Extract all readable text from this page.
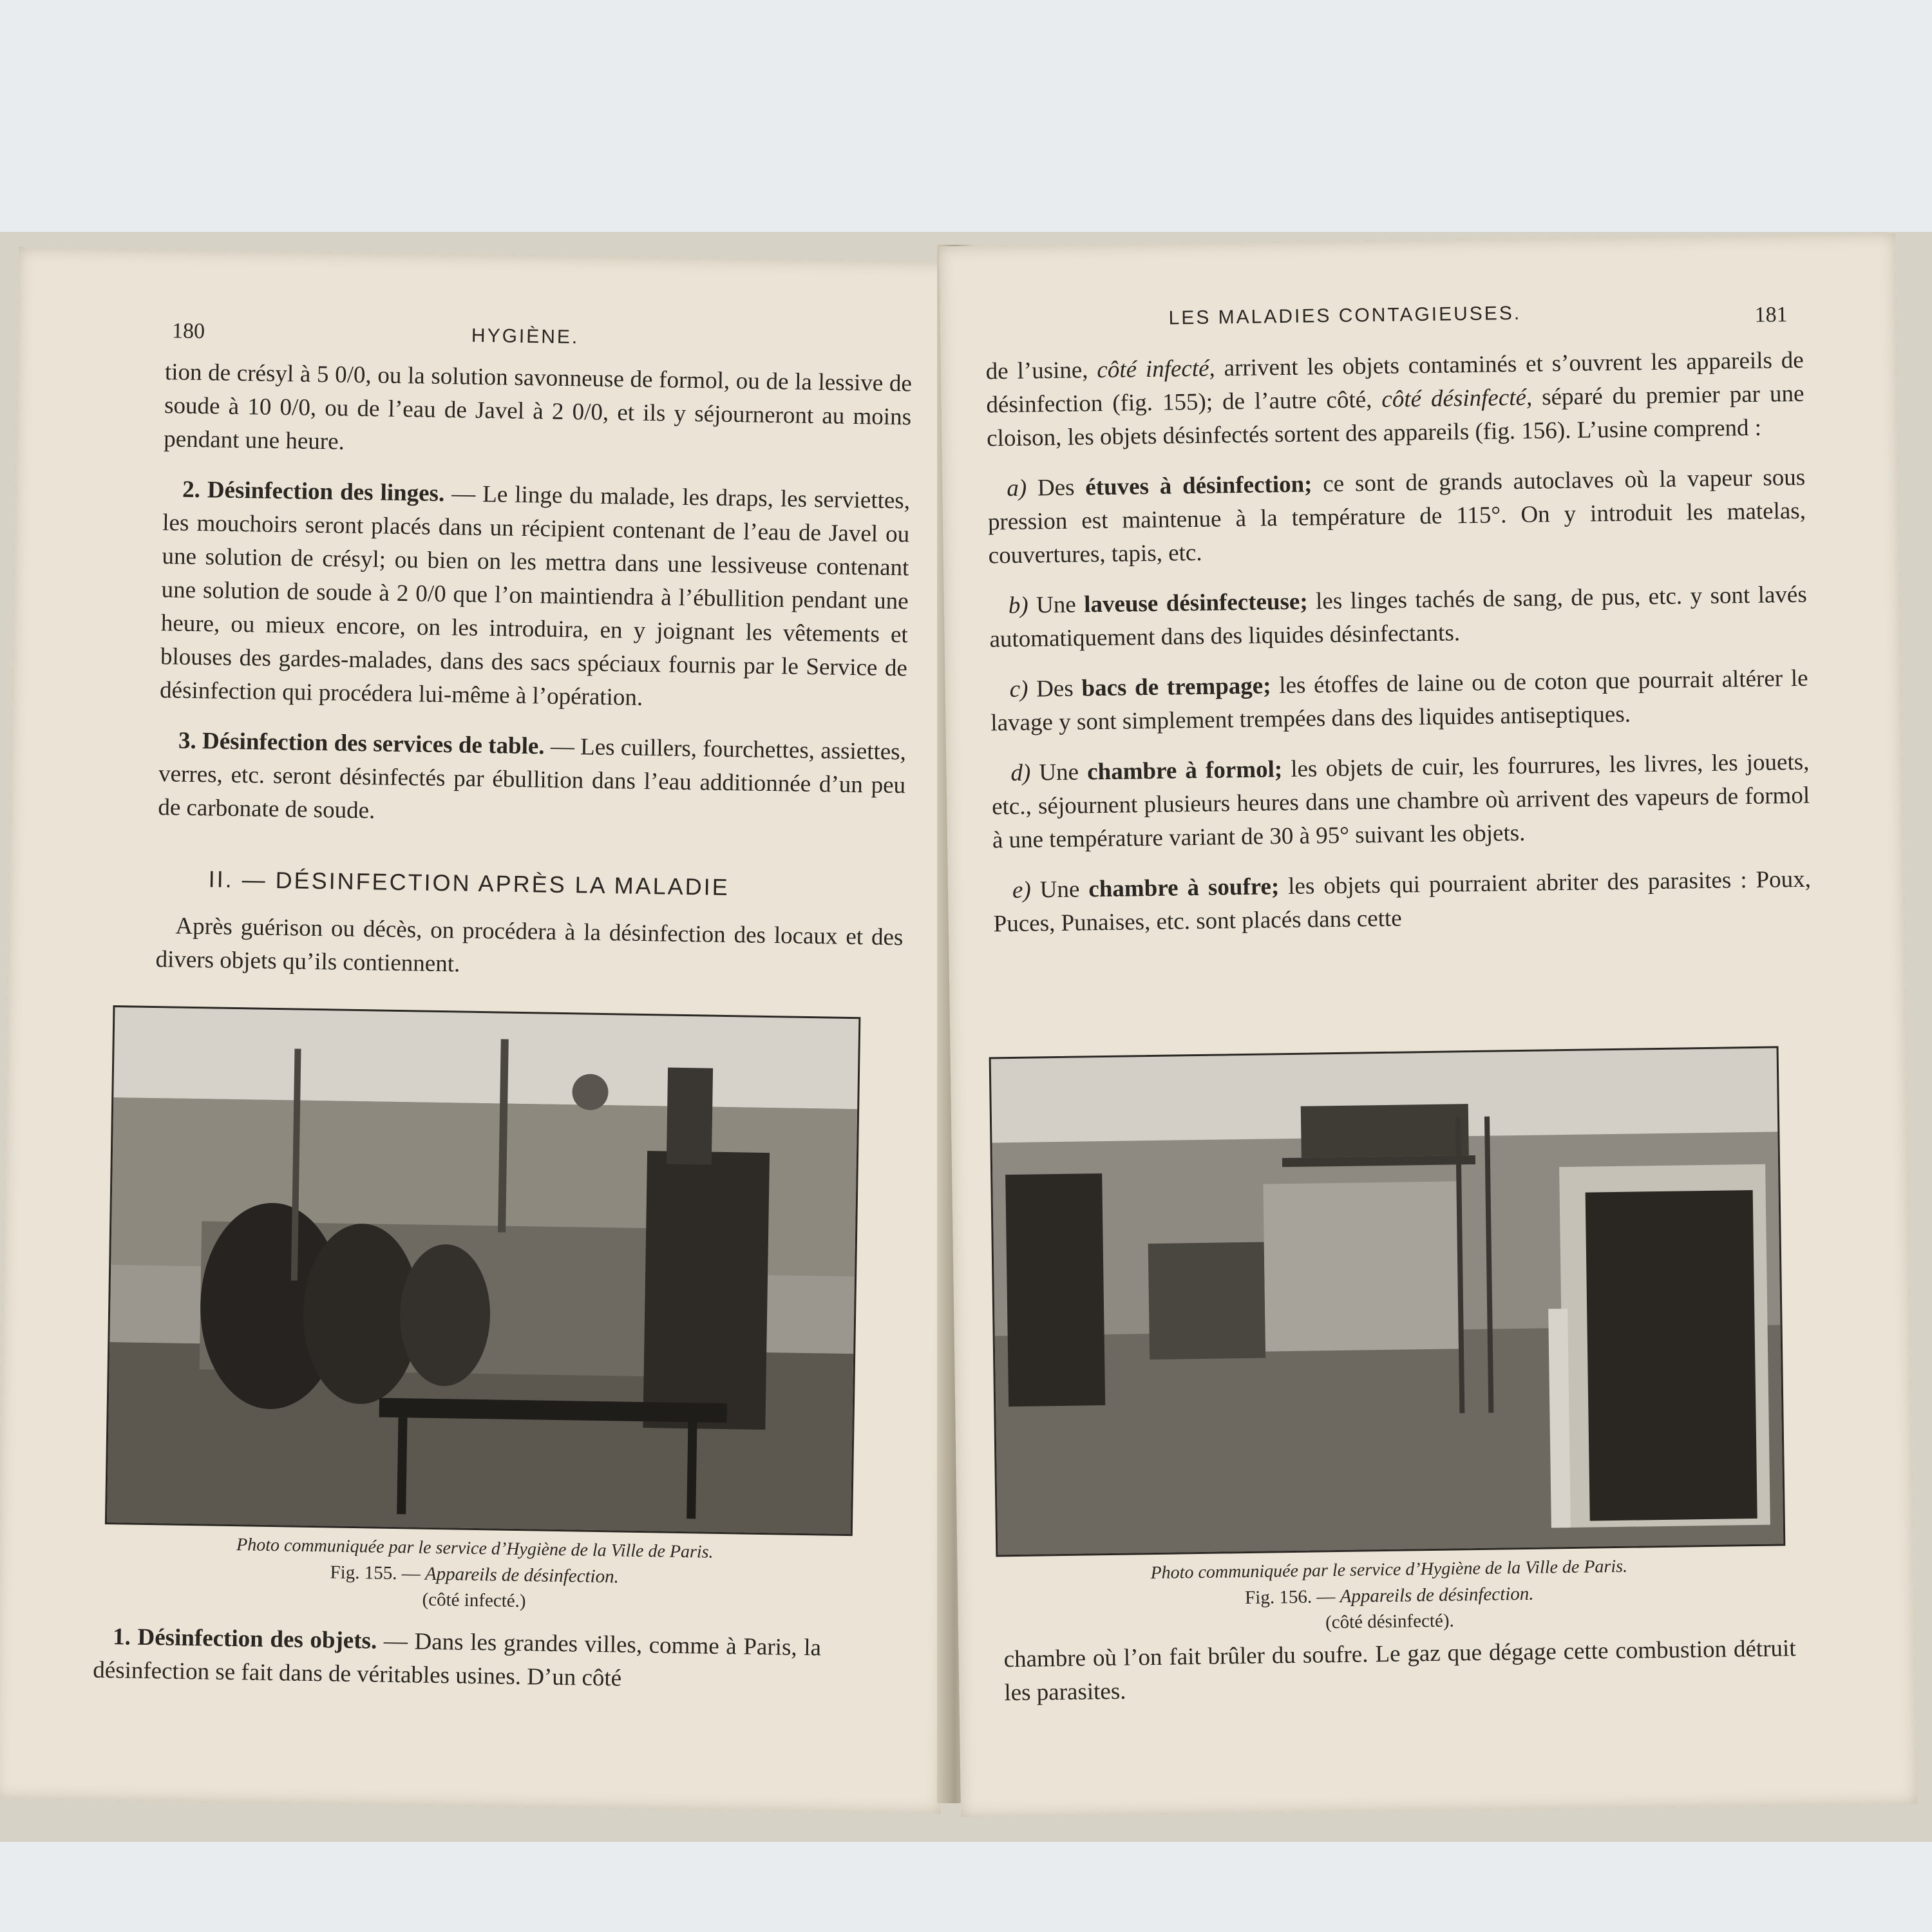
180	HYGIÈNE.

tion de crésyl à 5 0/0, ou la solution savonneuse de formol, ou de la lessive de soude à 10 0/0, ou de l’eau de Javel à 2 0/0, et ils y séjourneront au moins pendant une heure.

2. Désinfection des linges. — Le linge du malade, les draps, les serviettes, les mouchoirs seront placés dans un récipient contenant de l’eau de Javel ou une solution de crésyl; ou bien on les mettra dans une lessiveuse contenant une solution de soude à 2 0/0 que l’on maintiendra à l’ébullition pendant une heure, ou mieux encore, on les introduira, en y joignant les vêtements et blouses des gardes-malades, dans des sacs spéciaux fournis par le Service de désinfection qui procédera lui-même à l’opération.

3. Désinfection des services de table. — Les cuillers, fourchettes, assiettes, verres, etc. seront désinfectés par ébullition dans l’eau additionnée d’un peu de carbonate de soude.

II. — DÉSINFECTION APRÈS LA MALADIE

Après guérison ou décès, on procédera à la désinfection des locaux et des divers objets qu’ils contiennent.

Photo communiquée par le service d’Hygiène de la Ville de Paris.
Fig. 155. — Appareils de désinfection.
(côté infecté.)

1. Désinfection des objets. — Dans les grandes villes, comme à Paris, la désinfection se fait dans de véritables usines. D’un côté

LES MALADIES CONTAGIEUSES.	181

de l’usine, côté infecté, arrivent les objets contaminés et s’ouvrent les appareils de désinfection (fig. 155); de l’autre côté, côté désinfecté, séparé du premier par une cloison, les objets désinfectés sortent des appareils (fig. 156). L’usine comprend :

a) Des étuves à désinfection; ce sont de grands autoclaves où la vapeur sous pression est maintenue à la température de 115°. On y introduit les matelas, couvertures, tapis, etc.

b) Une laveuse désinfecteuse; les linges tachés de sang, de pus, etc. y sont lavés automatiquement dans des liquides désinfectants.

c) Des bacs de trempage; les étoffes de laine ou de coton que pourrait altérer le lavage y sont simplement trempées dans des liquides antiseptiques.

d) Une chambre à formol; les objets de cuir, les fourrures, les livres, les jouets, etc., séjournent plusieurs heures dans une chambre où arrivent des vapeurs de formol à une température variant de 30 à 95° suivant les objets.

e) Une chambre à soufre; les objets qui pourraient abriter des parasites : Poux, Puces, Punaises, etc. sont placés dans cette

Photo communiquée par le service d’Hygiène de la Ville de Paris.
Fig. 156. — Appareils de désinfection.
(côté désinfecté).

chambre où l’on fait brûler du soufre. Le gaz que dégage cette combustion détruit les parasites.
